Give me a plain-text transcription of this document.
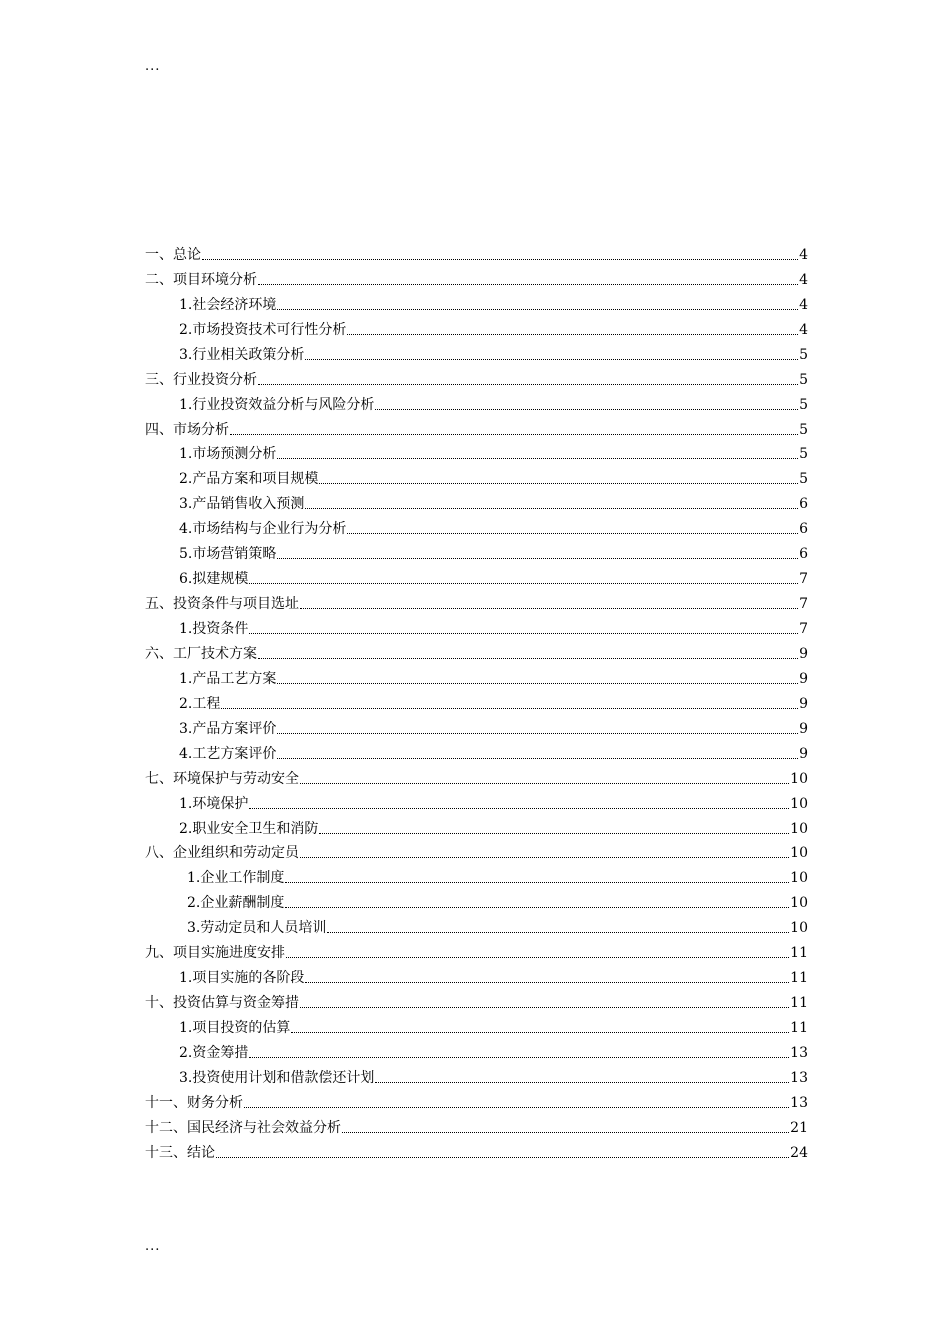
...
一、总论	4
二、项目环境分析	4
1.社会经济环境	4
2.市场投资技术可行性分析	4
3.行业相关政策分析	5
三、行业投资分析	5
1.行业投资效益分析与风险分析	5
四、市场分析	5
1.市场预测分析	5
2.产品方案和项目规模	5
3.产品销售收入预测	6
4.市场结构与企业行为分析	6
5.市场营销策略	6
6.拟建规模	7
五、投资条件与项目选址	7
1.投资条件	7
六、工厂技术方案	9
1.产品工艺方案	9
2.工程	9
3.产品方案评价	9
4.工艺方案评价	9
七、环境保护与劳动安全	10
1.环境保护	10
2.职业安全卫生和消防	10
八、企业组织和劳动定员	10
1.企业工作制度	10
2.企业薪酬制度	10
3.劳动定员和人员培训	10
九、项目实施进度安排	11
1.项目实施的各阶段	11
十、投资估算与资金筹措	11
1.项目投资的估算	11
2.资金筹措	13
3.投资使用计划和借款偿还计划	13
十一、财务分析	13
十二、国民经济与社会效益分析	21
十三、结论	24
...
